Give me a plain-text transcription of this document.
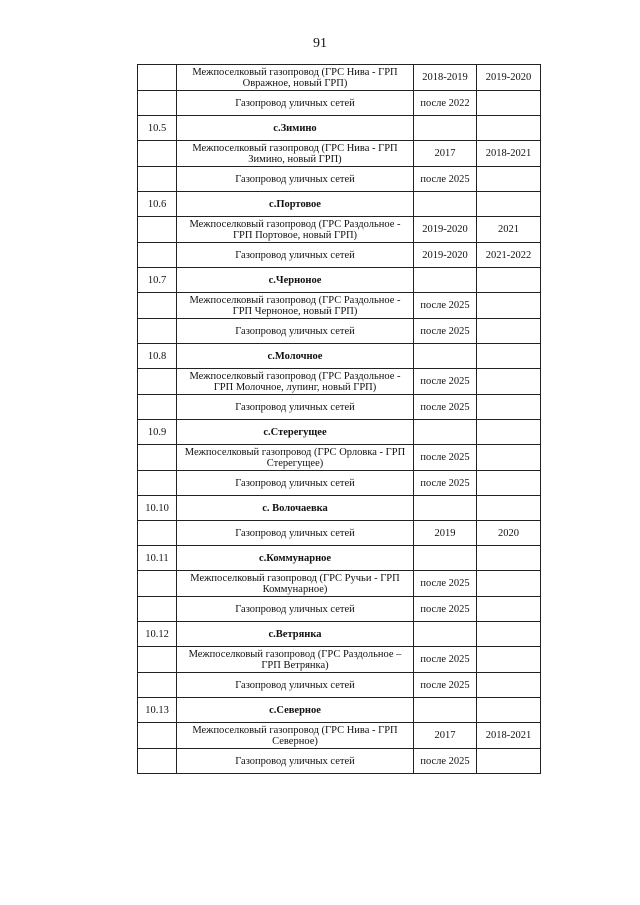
91
	Межпоселковый газопровод (ГРС Нива - ГРП Овражное, новый ГРП)	2018-2019	2019-2020
	Газопровод уличных сетей	после 2022	
10.5	с.Зимино		
	Межпоселковый газопровод (ГРС Нива - ГРП Зимино, новый ГРП)	2017	2018-2021
	Газопровод уличных сетей	после 2025	
10.6	с.Портовое		
	Межпоселковый газопровод (ГРС Раздольное - ГРП Портовое, новый ГРП)	2019-2020	2021
	Газопровод уличных сетей	2019-2020	2021-2022
10.7	с.Черноное		
	Межпоселковый газопровод (ГРС Раздольное - ГРП Черноное, новый ГРП)	после 2025	
	Газопровод уличных сетей	после 2025	
10.8	с.Молочное		
	Межпоселковый газопровод (ГРС Раздольное - ГРП Молочное, лупинг, новый ГРП)	после 2025	
	Газопровод уличных сетей	после 2025	
10.9	с.Стерегущее		
	Межпоселковый газопровод (ГРС Орловка - ГРП Стерегущее)	после 2025	
	Газопровод уличных сетей	после 2025	
10.10	с. Волочаевка		
	Газопровод уличных сетей	2019	2020
10.11	с.Коммунарное		
	Межпоселковый газопровод (ГРС Ручьи - ГРП Коммунарное)	после 2025	
	Газопровод уличных сетей	после 2025	
10.12	с.Ветрянка		
	Межпоселковый газопровод (ГРС Раздольное – ГРП Ветрянка)	после 2025	
	Газопровод уличных сетей	после 2025	
10.13	с.Северное		
	Межпоселковый газопровод (ГРС Нива - ГРП Северное)	2017	2018-2021
	Газопровод уличных сетей	после 2025	
